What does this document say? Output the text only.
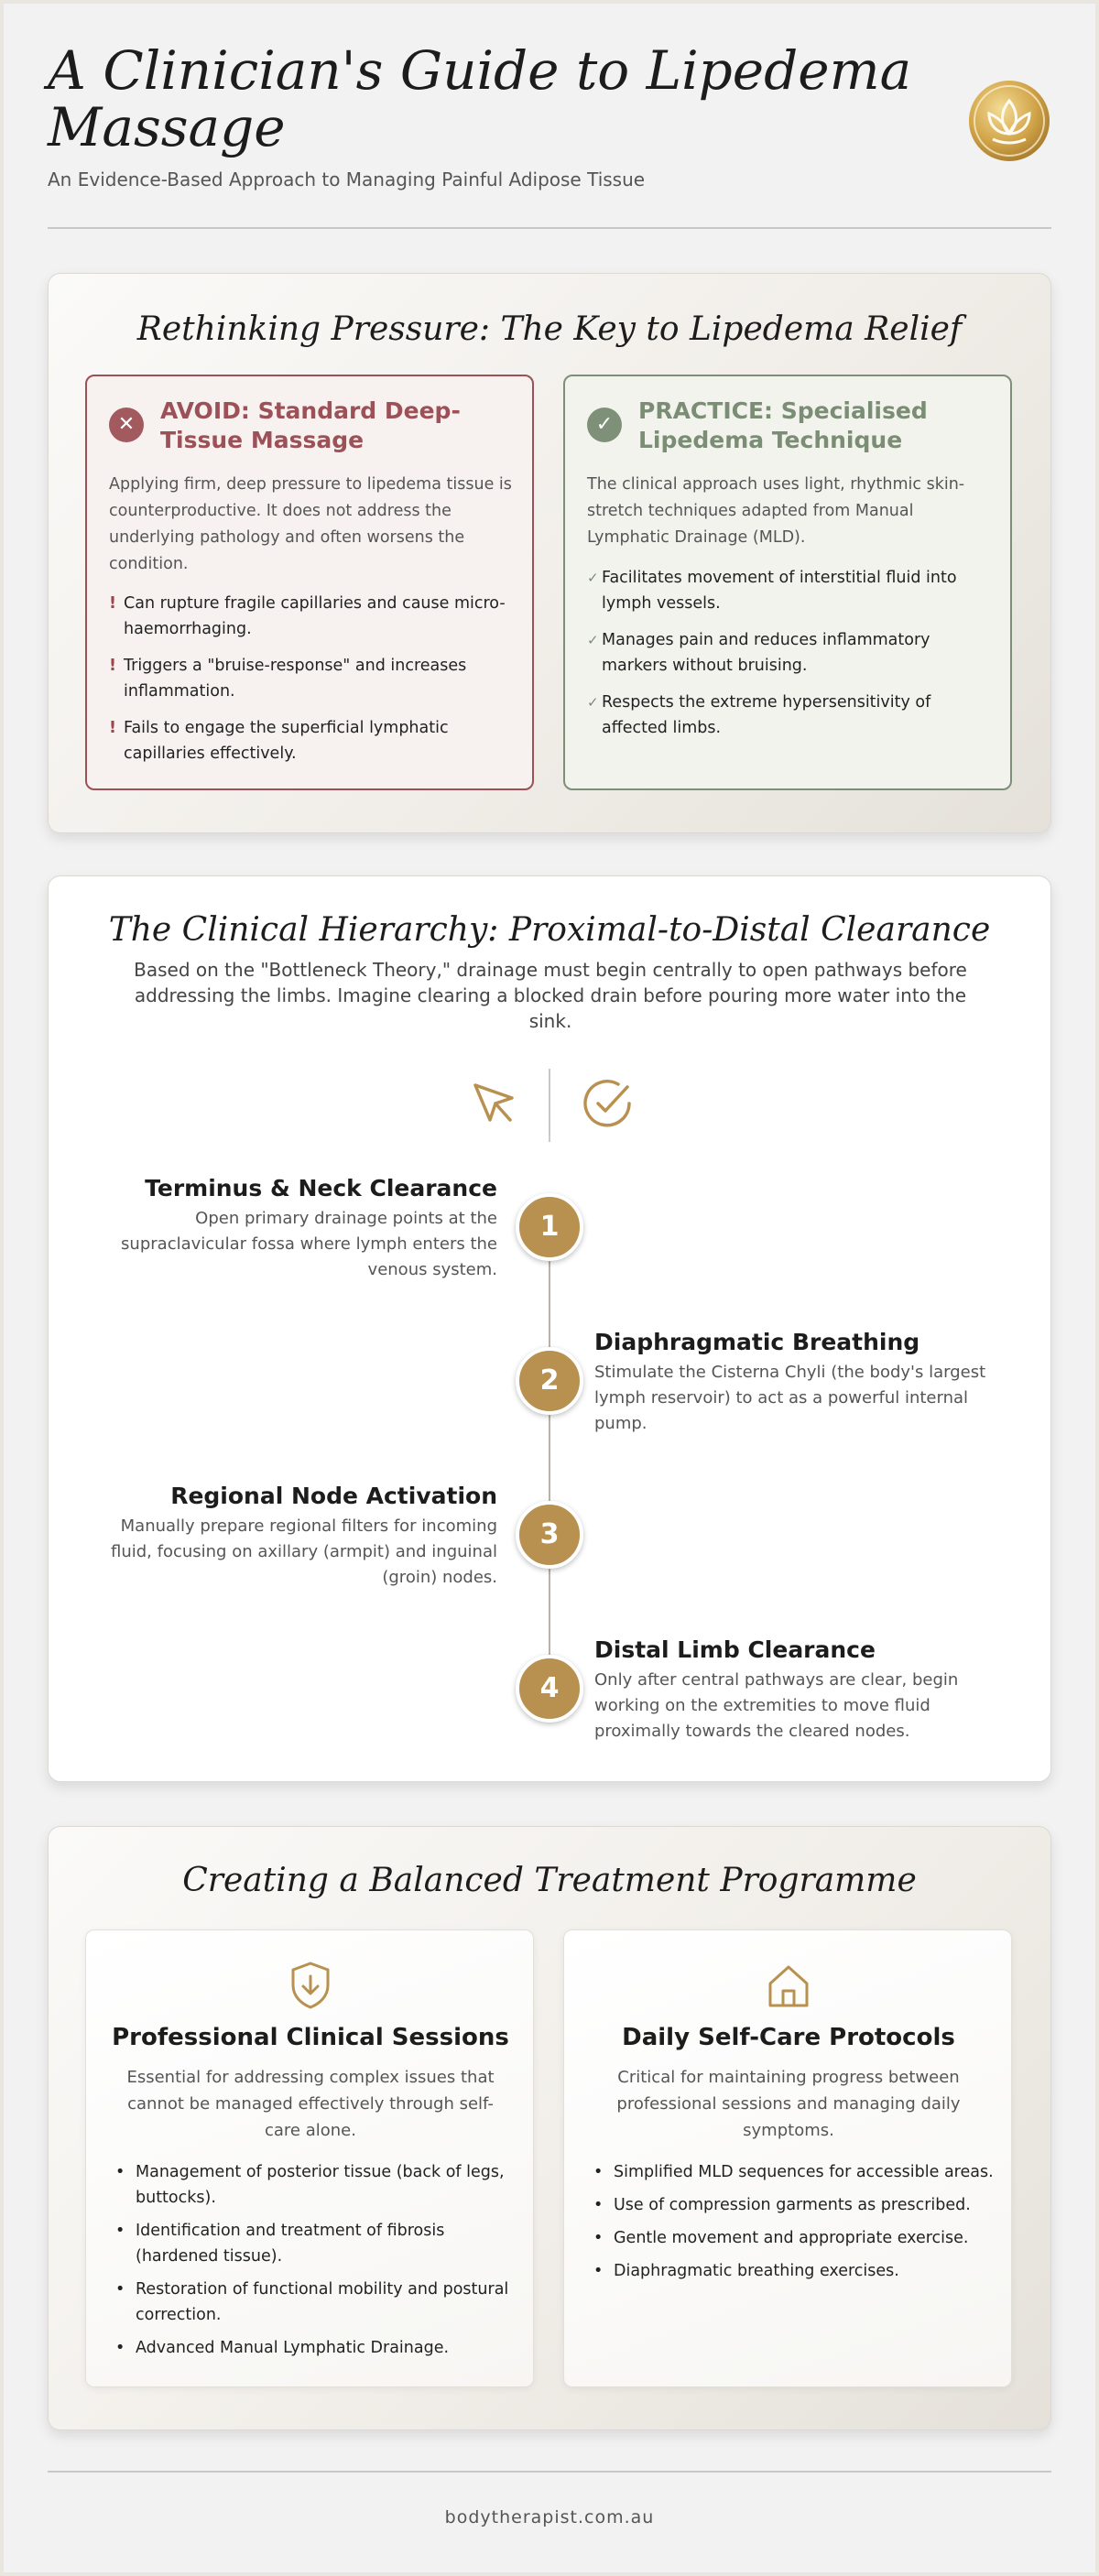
A Clinician's Guide to Lipedema Massage

An Evidence-Based Approach to Managing Painful Adipose Tissue

Rethinking Pressure: The Key to Lipedema Relief
✕
AVOID: Standard Deep-Tissue Massage

Applying firm, deep pressure to lipedema tissue is counterproductive. It does not address the underlying pathology and often worsens the condition.

! Can rupture fragile capillaries and cause micro-haemorrhaging.
! Triggers a "bruise-response" and increases inflammation.
! Fails to engage the superficial lymphatic capillaries effectively.
✓
PRACTICE: Specialised Lipedema Technique

The clinical approach uses light, rhythmic skin-stretch techniques adapted from Manual Lymphatic Drainage (MLD).

✓ Facilitates movement of interstitial fluid into lymph vessels.
✓ Manages pain and reduces inflammatory markers without bruising.
✓ Respects the extreme hypersensitivity of affected limbs.
The Clinical Hierarchy: Proximal-to-Distal Clearance

Based on the "Bottleneck Theory," drainage must begin centrally to open pathways before addressing the limbs. Imagine clearing a blocked drain before pouring more water into the sink.

1
Terminus & Neck Clearance

Open primary drainage points at the supraclavicular fossa where lymph enters the venous system.

2
Diaphragmatic Breathing

Stimulate the Cisterna Chyli (the body's largest lymph reservoir) to act as a powerful internal pump.

3
Regional Node Activation

Manually prepare regional filters for incoming fluid, focusing on axillary (armpit) and inguinal (groin) nodes.

4
Distal Limb Clearance

Only after central pathways are clear, begin working on the extremities to move fluid proximally towards the cleared nodes.

Creating a Balanced Treatment Programme
Professional Clinical Sessions

Essential for addressing complex issues that cannot be managed effectively through self-care alone.

• Management of posterior tissue (back of legs, buttocks).
• Identification and treatment of fibrosis (hardened tissue).
• Restoration of functional mobility and postural correction.
• Advanced Manual Lymphatic Drainage.
Daily Self-Care Protocols

Critical for maintaining progress between professional sessions and managing daily symptoms.

• Simplified MLD sequences for accessible areas.
• Use of compression garments as prescribed.
• Gentle movement and appropriate exercise.
• Diaphragmatic breathing exercises.
bodytherapist.com.au
